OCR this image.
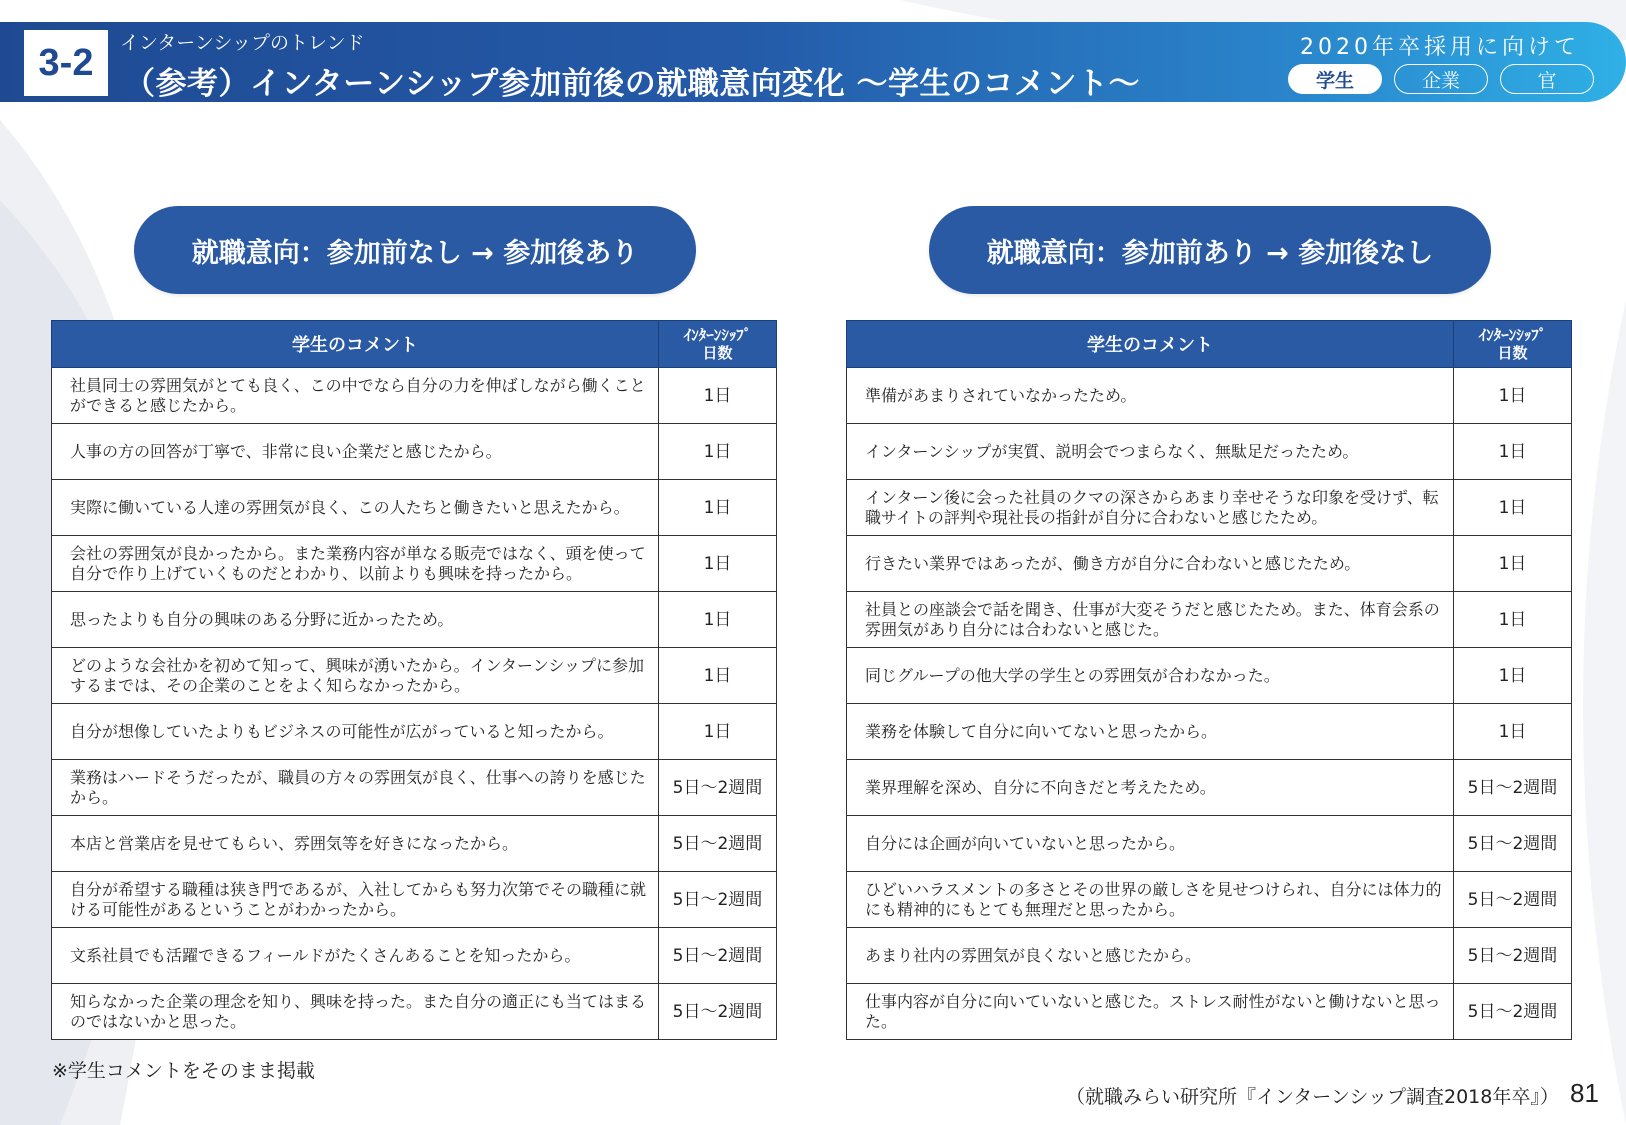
3-2	インターンシップのトレンド
（参考）インターンシップ参加前後の就職意向変化 ～学生のコメント～
2020年卒採用に向けて
学生	企業	官
就職意向：参加前なし → 参加後あり	就職意向：参加前あり → 参加後なし
学生のコメント	ｲﾝﾀｰﾝｼｯﾌﾟ
日数
社員同士の雰囲気がとても良く、この中でなら自分の力を伸ばしながら働くことができると感じたから。	1日
人事の方の回答が丁寧で、非常に良い企業だと感じたから。	1日
実際に働いている人達の雰囲気が良く、この人たちと働きたいと思えたから。	1日
会社の雰囲気が良かったから。また業務内容が単なる販売ではなく、頭を使って自分で作り上げていくものだとわかり、以前よりも興味を持ったから。	1日
思ったよりも自分の興味のある分野に近かったため。	1日
どのような会社かを初めて知って、興味が湧いたから。インターンシップに参加するまでは、その企業のことをよく知らなかったから。	1日
自分が想像していたよりもビジネスの可能性が広がっていると知ったから。	1日
業務はハードそうだったが、職員の方々の雰囲気が良く、仕事への誇りを感じたから。	5日～2週間
本店と営業店を見せてもらい、雰囲気等を好きになったから。	5日～2週間
自分が希望する職種は狭き門であるが、入社してからも努力次第でその職種に就ける可能性があるということがわかったから。	5日～2週間
文系社員でも活躍できるフィールドがたくさんあることを知ったから。	5日～2週間
知らなかった企業の理念を知り、興味を持った。また自分の適正にも当てはまるのではないかと思った。	5日～2週間
学生のコメント	ｲﾝﾀｰﾝｼｯﾌﾟ
日数
準備があまりされていなかったため。	1日
インターンシップが実質、説明会でつまらなく、無駄足だったため。	1日
インターン後に会った社員のクマの深さからあまり幸せそうな印象を受けず、転職サイトの評判や現社長の指針が自分に合わないと感じたため。	1日
行きたい業界ではあったが、働き方が自分に合わないと感じたため。	1日
社員との座談会で話を聞き、仕事が大変そうだと感じたため。また、体育会系の雰囲気があり自分には合わないと感じた。	1日
同じグループの他大学の学生との雰囲気が合わなかった。	1日
業務を体験して自分に向いてないと思ったから。	1日
業界理解を深め、自分に不向きだと考えたため。	5日～2週間
自分には企画が向いていないと思ったから。	5日～2週間
ひどいハラスメントの多さとその世界の厳しさを見せつけられ、自分には体力的にも精神的にもとても無理だと思ったから。	5日～2週間
あまり社内の雰囲気が良くないと感じたから。	5日～2週間
仕事内容が自分に向いていないと感じた。ストレス耐性がないと働けないと思った。	5日～2週間
※学生コメントをそのまま掲載
（就職みらい研究所『インターンシップ調査2018年卒』） 81
